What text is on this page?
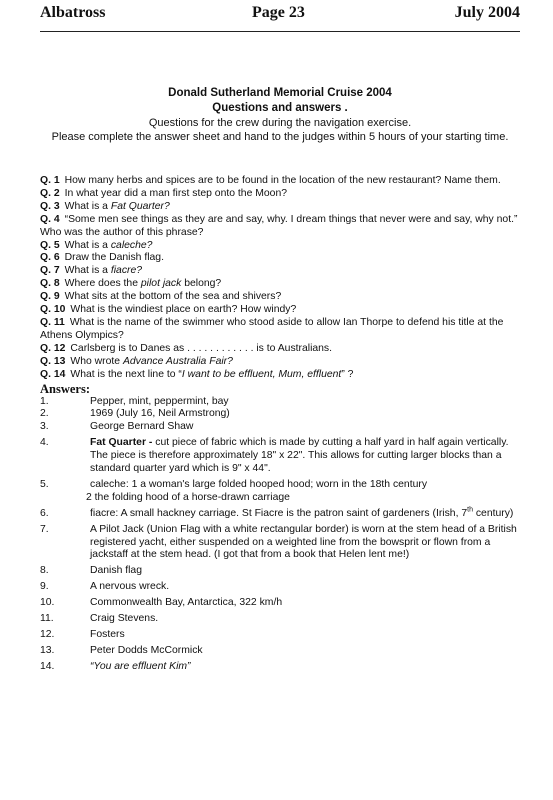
Albatross	Page 23	July 2004
Donald Sutherland Memorial Cruise 2004
Questions and answers .
Questions for the crew during the navigation exercise.
Please complete the answer sheet and hand to the judges within 5 hours of your starting time.
Q. 1 How many herbs and spices are to be found in the location of the new restaurant? Name them.
Q. 2 In what year did a man first step onto the Moon?
Q. 3 What is a Fat Quarter?
Q. 4 “Some men see things as they are and say, why. I dream things that never were and say, why not.” Who was the author of this phrase?
Q. 5 What is a caleche?
Q. 6 Draw the Danish flag.
Q. 7 What is a fiacre?
Q. 8 Where does the pilot jack belong?
Q. 9 What sits at the bottom of the sea and shivers?
Q. 10 What is the windiest place on earth? How windy?
Q. 11 What is the name of the swimmer who stood aside to allow Ian Thorpe to defend his title at the Athens Olympics?
Q. 12 Carlsberg is to Danes as . . . . . . . . . . . . is to Australians.
Q. 13 Who wrote Advance Australia Fair?
Q. 14 What is the next line to “I want to be effluent, Mum, effluent” ?
Answers:
1.	Pepper, mint, peppermint, bay
2.	1969 (July 16, Neil Armstrong)
3.	George Bernard Shaw
4.	Fat Quarter - cut piece of fabric which is made by cutting a half yard in half again vertically. The piece is therefore approximately 18" x 22". This allows for cutting larger blocks than a standard quarter yard which is 9" x 44".
5.	caleche: 1 a woman's large folded hooped hood; worn in the 18th century
2 the folding hood of a horse-drawn carriage
6.	fiacre: A small hackney carriage. St Fiacre is the patron saint of gardeners (Irish, 7th century)
7.	A Pilot Jack (Union Flag with a white rectangular border) is worn at the stem head of a British registered yacht, either suspended on a weighted line from the bowsprit or flown from a jackstaff at the stem head. (I got that from a book that Helen lent me!)
8.	Danish flag
9.	A nervous wreck.
10.	Commonwealth Bay, Antarctica, 322 km/h
11.	Craig Stevens.
12.	Fosters
13.	Peter Dodds McCormick
14.	“You are effluent Kim”
